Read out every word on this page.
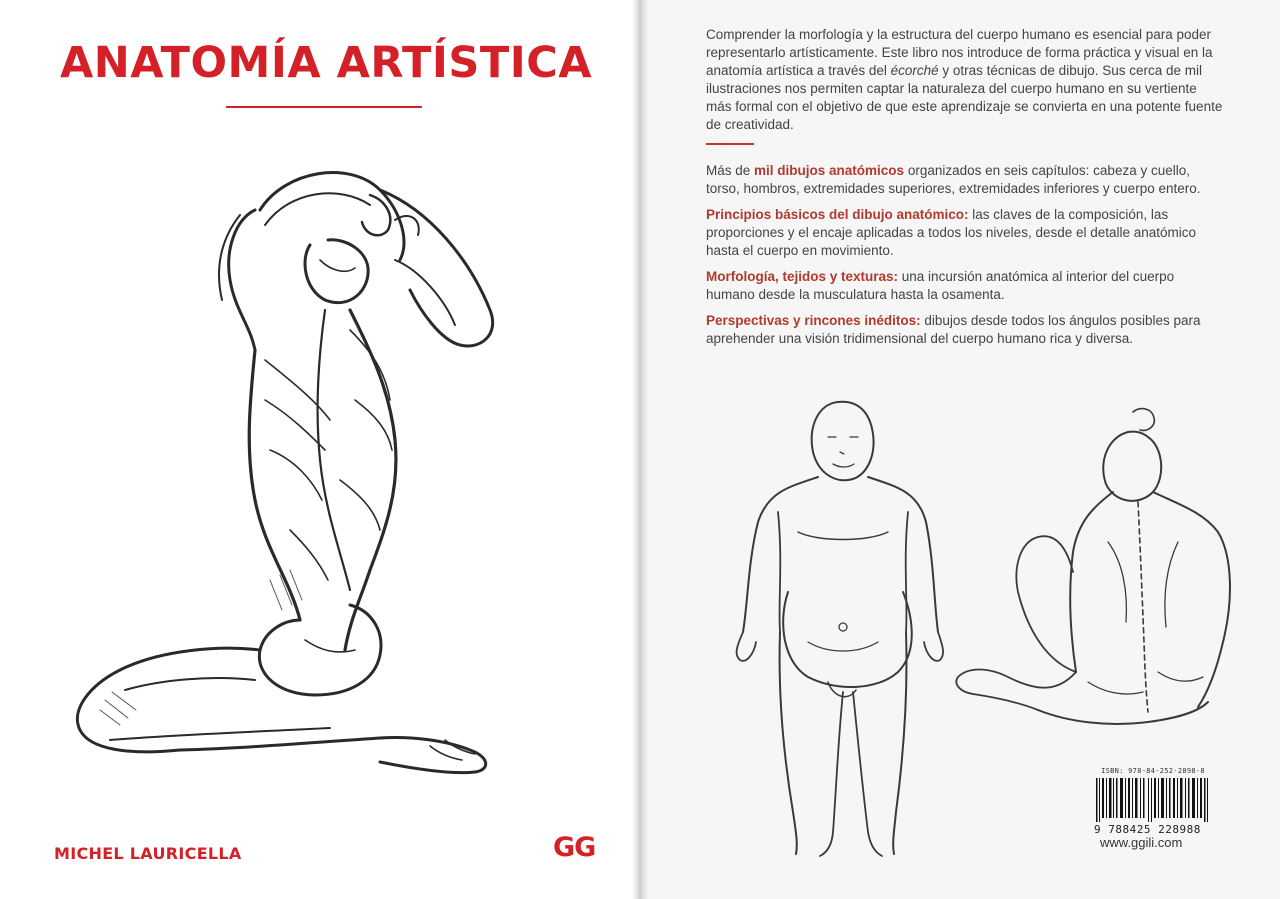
ANATOMÍA ARTÍSTICA
MICHEL LAURICELLA	GG

Comprender la morfología y la estructura del cuerpo humano es esencial para poder representarlo artísticamente. Este libro nos introduce de forma práctica y visual en la anatomía artística a través del écorché y otras técnicas de dibujo. Sus cerca de mil ilustraciones nos permiten captar la naturaleza del cuerpo humano en su vertiente más formal con el objetivo de que este aprendizaje se convierta en una potente fuente de creatividad.

Más de mil dibujos anatómicos organizados en seis capítulos: cabeza y cuello, torso, hombros, extremidades superiores, extremidades inferiores y cuerpo entero.

Principios básicos del dibujo anatómico: las claves de la composición, las proporciones y el encaje aplicadas a todos los niveles, desde el detalle anatómico hasta el cuerpo en movimiento.

Morfología, tejidos y texturas: una incursión anatómica al interior del cuerpo humano desde la musculatura hasta la osamenta.

Perspectivas y rincones inéditos: dibujos desde todos los ángulos posibles para aprehender una visión tridimensional del cuerpo humano rica y diversa.

ISBN: 978-84-252-2898-8
9 788425 228988
www.ggili.com
